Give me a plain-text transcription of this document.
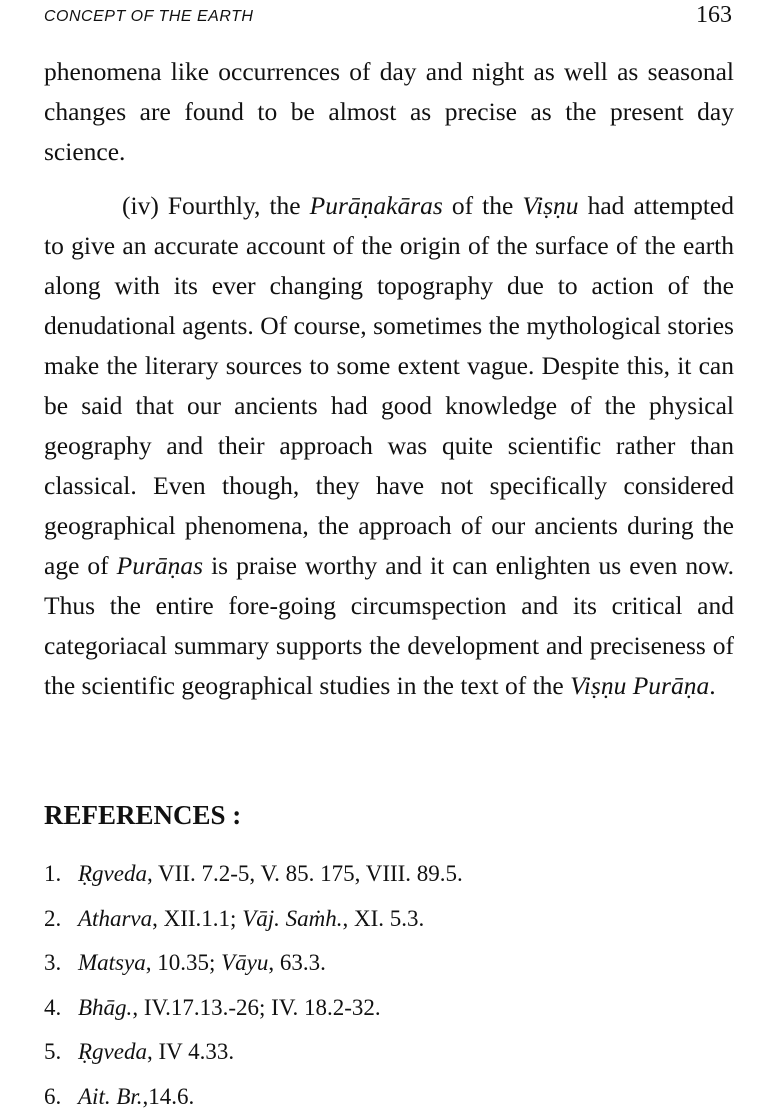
CONCEPT OF THE EARTH	163

phenomena like occurrences of day and night as well as seasonal changes are found to be almost as precise as the present day science.

(iv) Fourthly, the Purāṇakāras of the Viṣṇu had attempted to give an accurate account of the origin of the surface of the earth along with its ever changing topography due to action of the denudational agents. Of course, sometimes the mythological stories make the literary sources to some extent vague. Despite this, it can be said that our ancients had good knowledge of the physical geography and their approach was quite scientific rather than classical. Even though, they have not specifically considered geographical phenomena, the approach of our ancients during the age of Purāṇas is praise worthy and it can enlighten us even now. Thus the entire fore-going circumspection and its critical and categoriacal summary supports the development and preciseness of the scientific geographical studies in the text of the Viṣṇu Purāṇa.

REFERENCES :
1. Ṛgveda, VII. 7.2-5, V. 85. 175, VIII. 89.5.
2. Atharva, XII.1.1; Vāj. Saṁh., XI. 5.3.
3. Matsya, 10.35; Vāyu, 63.3.
4. Bhāg., IV.17.13.-26; IV. 18.2-32.
5. Ṛgveda, IV 4.33.
6. Ait. Br.,14.6.
